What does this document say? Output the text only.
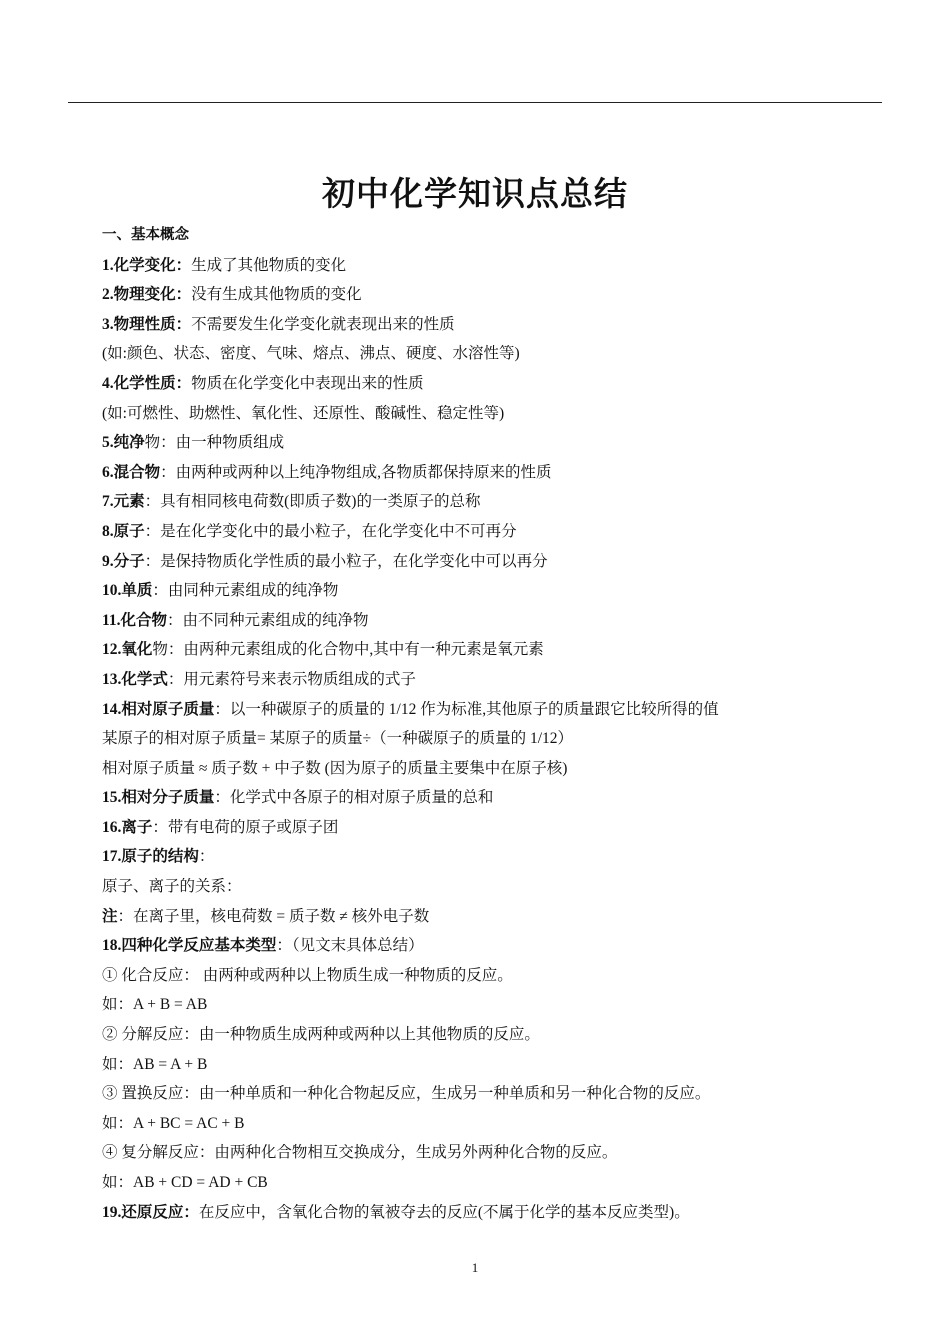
初中化学知识点总结
一、基本概念
1.化学变化：生成了其他物质的变化
2.物理变化：没有生成其他物质的变化
3.物理性质：不需要发生化学变化就表现出来的性质
(如:颜色、状态、密度、气味、熔点、沸点、硬度、水溶性等)
4.化学性质：物质在化学变化中表现出来的性质
(如:可燃性、助燃性、氧化性、还原性、酸碱性、稳定性等)
5.纯净物：由一种物质组成
6.混合物：由两种或两种以上纯净物组成,各物质都保持原来的性质
7.元素：具有相同核电荷数(即质子数)的一类原子的总称
8.原子：是在化学变化中的最小粒子，在化学变化中不可再分
9.分子：是保持物质化学性质的最小粒子，在化学变化中可以再分
10.单质：由同种元素组成的纯净物
11.化合物：由不同种元素组成的纯净物
12.氧化物：由两种元素组成的化合物中,其中有一种元素是氧元素
13.化学式：用元素符号来表示物质组成的式子
14.相对原子质量：以一种碳原子的质量的 1/12 作为标准,其他原子的质量跟它比较所得的值
某原子的相对原子质量= 某原子的质量÷（一种碳原子的质量的 1/12）
相对原子质量 ≈ 质子数 + 中子数 (因为原子的质量主要集中在原子核)
15.相对分子质量：化学式中各原子的相对原子质量的总和
16.离子：带有电荷的原子或原子团
17.原子的结构：
原子、离子的关系：
注：在离子里，核电荷数 = 质子数 ≠ 核外电子数
18.四种化学反应基本类型：（见文末具体总结）
① 化合反应： 由两种或两种以上物质生成一种物质的反应。
如：A + B = AB
② 分解反应：由一种物质生成两种或两种以上其他物质的反应。
如：AB = A + B
③ 置换反应：由一种单质和一种化合物起反应，生成另一种单质和另一种化合物的反应。
如：A + BC = AC + B
④ 复分解反应：由两种化合物相互交换成分，生成另外两种化合物的反应。
如：AB + CD = AD + CB
19.还原反应：在反应中，含氧化合物的氧被夺去的反应(不属于化学的基本反应类型)。
1
